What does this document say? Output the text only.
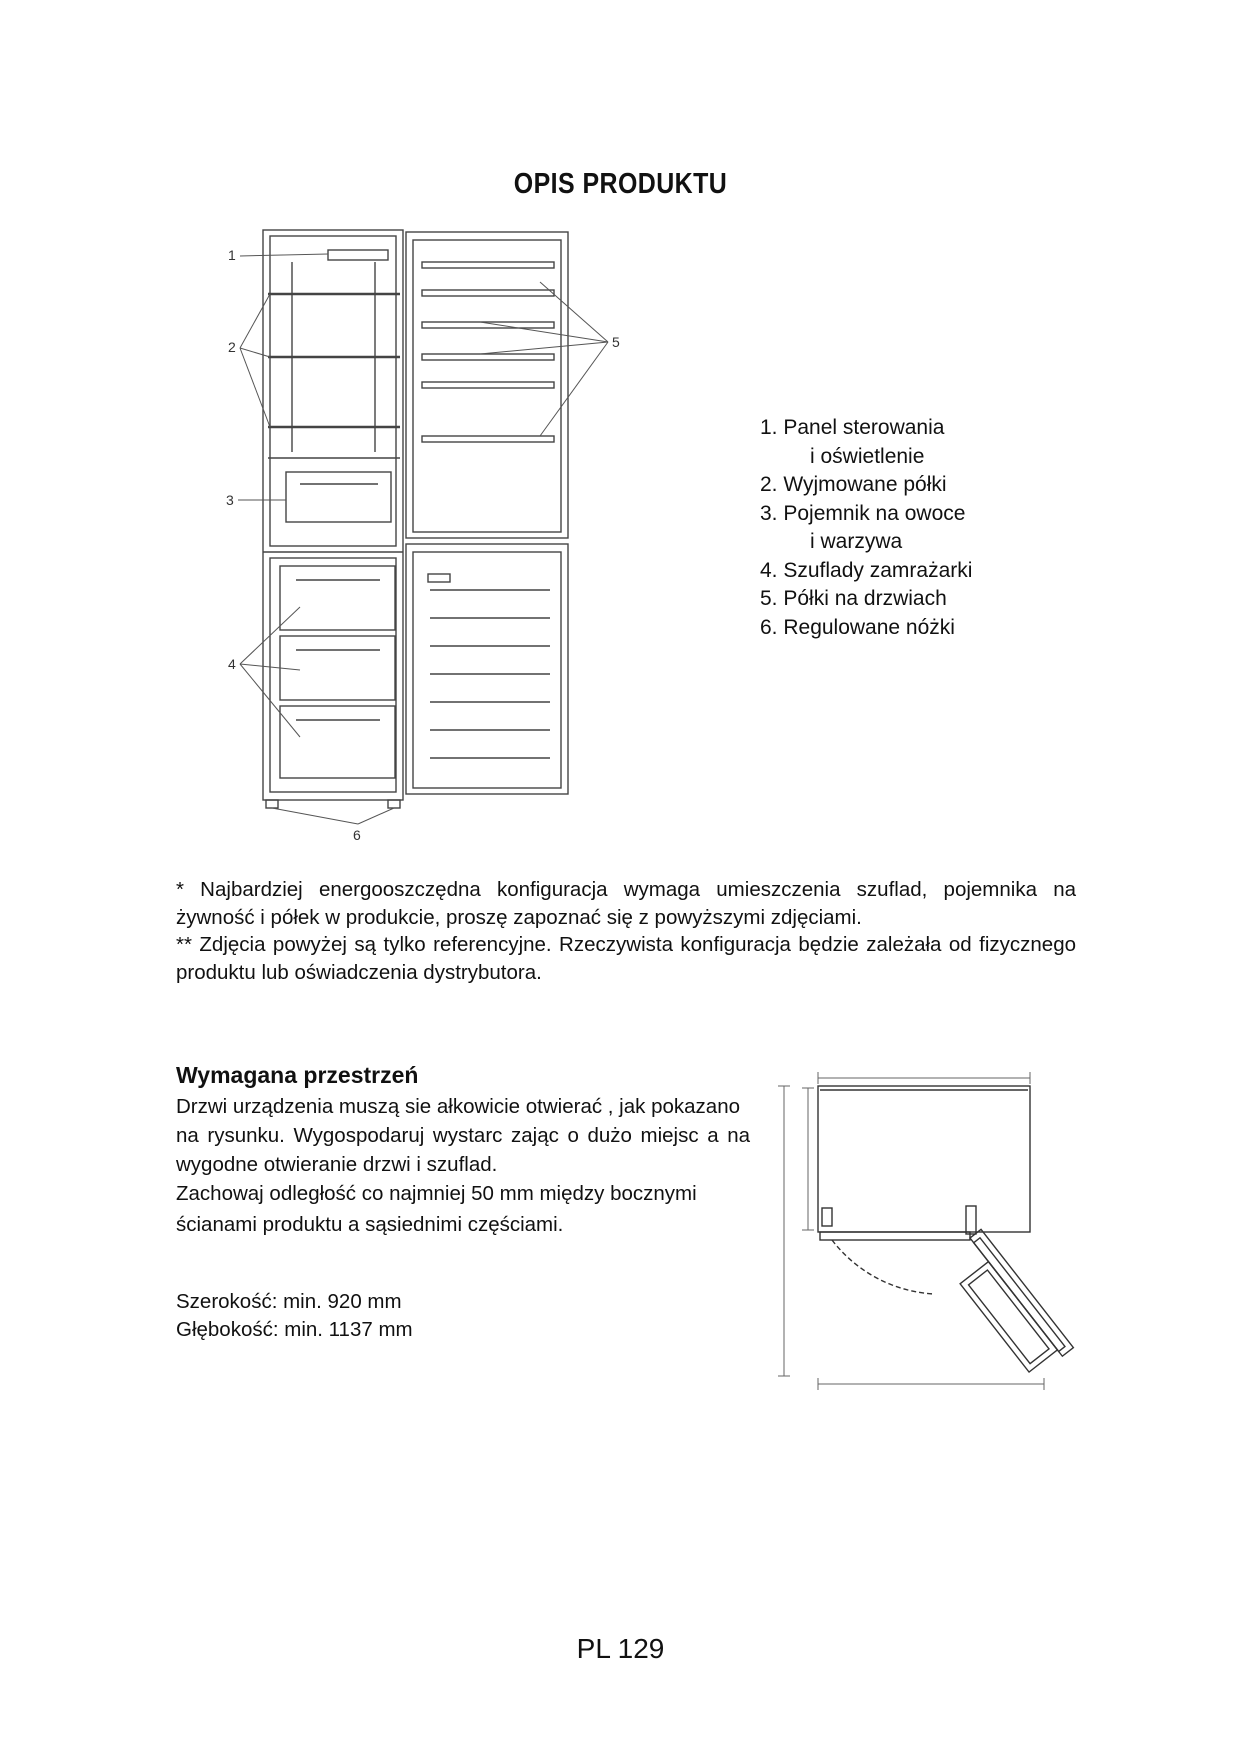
OPIS PRODUKTU
1
2
3
4
5
6
1. Panel sterowania
i oświetlenie
2. Wyjmowane półki
3. Pojemnik na owoce
i warzywa
4. Szuflady zamrażarki
5. Półki na drzwiach
6. Regulowane nóżki

* Najbardziej energooszczędna konfiguracja wymaga umieszczenia szuflad, pojemnika na żywność i półek w produkcie, proszę zapoznać się z powyższymi zdjęciami.

** Zdjęcia powyżej są tylko referencyjne. Rzeczywista konfiguracja będzie zależała od fizycznego produktu lub oświadczenia dystrybutora.

Wymagana przestrzeń

Drzwi urządzenia muszą sie ałkowicie otwierać , jak pokazano

na rysunku. Wygospodaruj wystarc zając o dużo miejsc a na

wygodne otwieranie drzwi i szuflad.

Zachowaj odległość co najmniej 50 mm między bocznymi

ścianami produktu a sąsiednimi częściami.

Szerokość: min. 920 mm
Głębokość: min. 1137 mm
PL 129
